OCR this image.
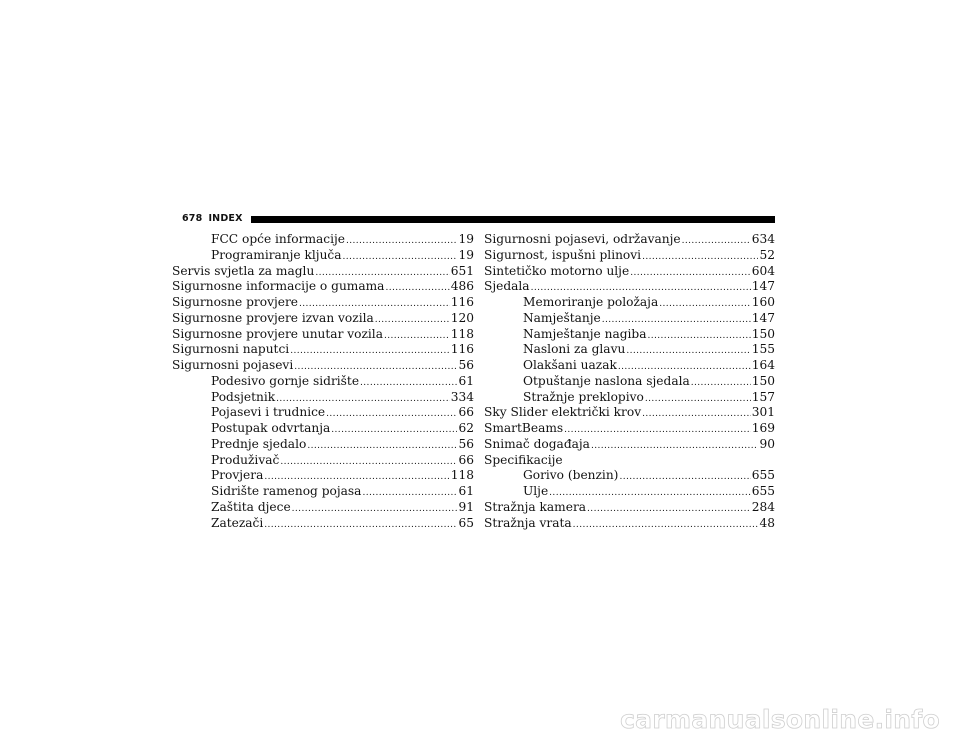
678 INDEX
FCC opće informacije .....	19
Programiranje ključa .....	19
Servis svjetla za maglu .....	651
Sigurnosne informacije o gumama .....	486
Sigurnosne provjere .....	116
Sigurnosne provjere izvan vozila .....	120
Sigurnosne provjere unutar vozila .....	118
Sigurnosni naputci .....	116
Sigurnosni pojasevi .....	56
Podesivo gornje sidrište .....	61
Podsjetnik .....	334
Pojasevi i trudnice .....	66
Postupak odvrtanja .....	62
Prednje sjedalo .....	56
Produživač .....	66
Provjera .....	118
Sidrište ramenog pojasa .....	61
Zaštita djece .....	91
Zatezači .....	65
Sigurnosni pojasevi, održavanje .....	634
Sigurnost, ispušni plinovi .....	52
Sintetičko motorno ulje .....	604
Sjedala .....	147
Memoriranje položaja .....	160
Namještanje .....	147
Namještanje nagiba .....	150
Nasloni za glavu .....	155
Olakšani uazak .....	164
Otpuštanje naslona sjedala .....	150
Stražnje preklopivo .....	157
Sky Slider električki krov .....	301
SmartBeams .....	169
Snimač događaja .....	90
Specifikacije
Gorivo (benzin) .....	655
Ulje .....	655
Stražnja kamera .....	284
Stražnja vrata .....	48
carmanualsonline.info
